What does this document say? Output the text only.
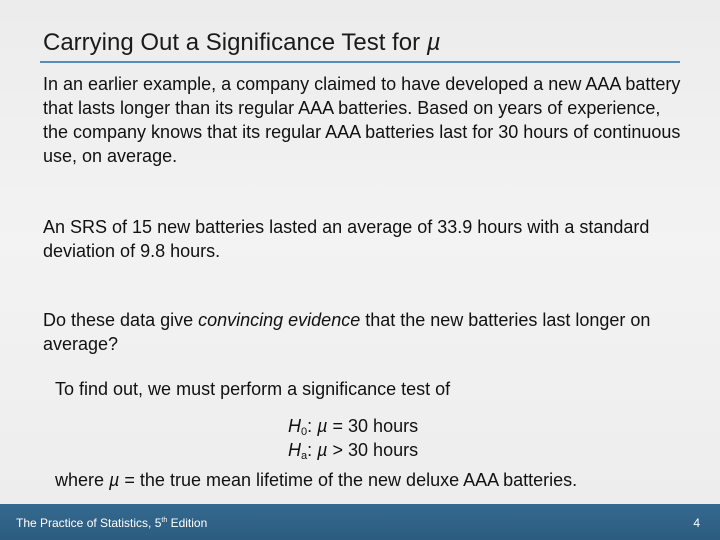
Carrying Out a Significance Test for µ
In an earlier example, a company claimed to have developed a new AAA battery that lasts longer than its regular AAA batteries. Based on years of experience, the company knows that its regular AAA batteries last for 30 hours of continuous use, on average.
An SRS of 15 new batteries lasted an average of 33.9 hours with a standard deviation of 9.8 hours.
Do these data give convincing evidence that the new batteries last longer on average?
To find out, we must perform a significance test of
$H_0$: µ = 30 hours
$H_a$: µ > 30 hours
where µ = the true mean lifetime of the new deluxe AAA batteries.
The Practice of Statistics, 5th Edition	4
